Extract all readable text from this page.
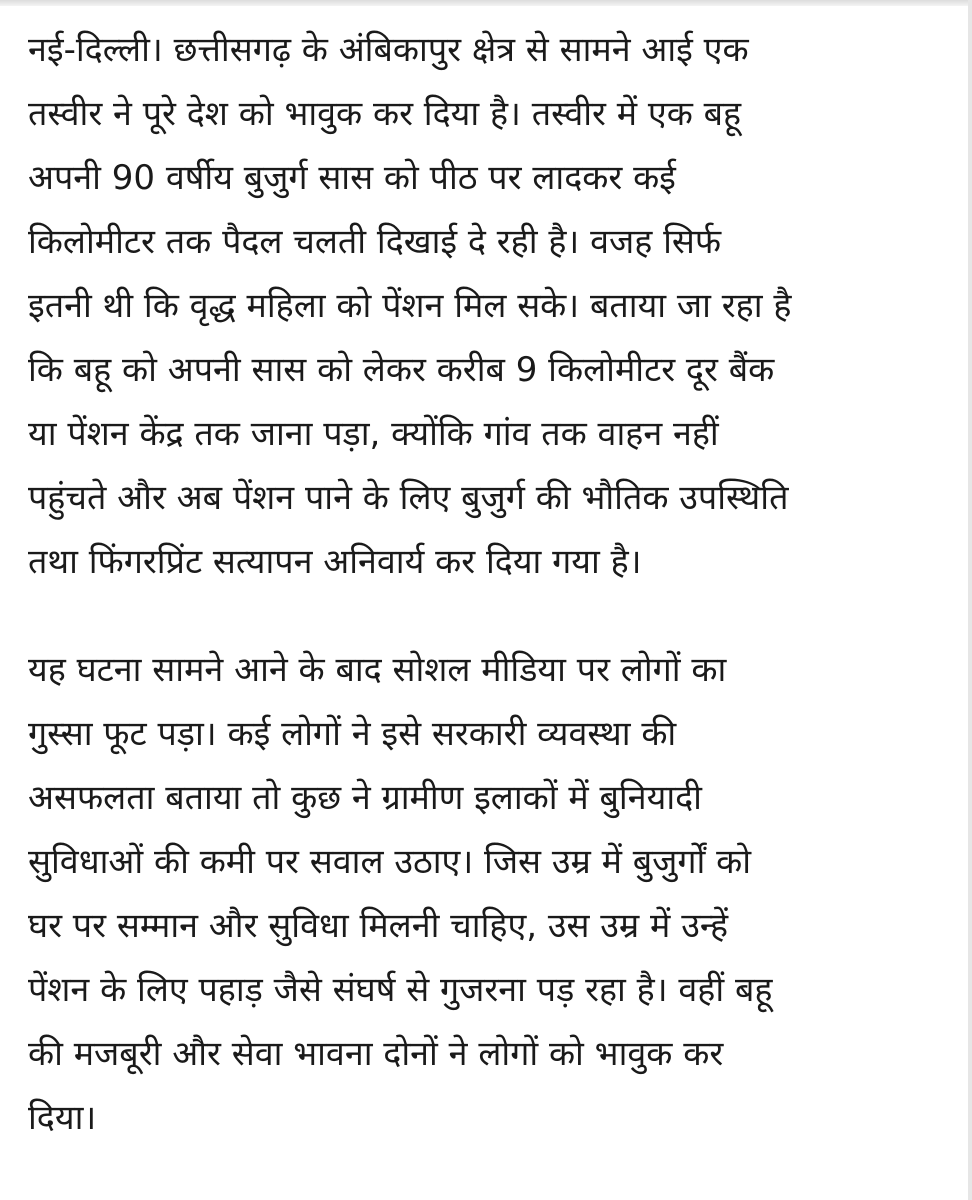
नई-दिल्ली। छत्तीसगढ़ के अंबिकापुर क्षेत्र से सामने आई एक
तस्वीर ने पूरे देश को भावुक कर दिया है। तस्वीर में एक बहू
अपनी 90 वर्षीय बुजुर्ग सास को पीठ पर लादकर कई
किलोमीटर तक पैदल चलती दिखाई दे रही है। वजह सिर्फ
इतनी थी कि वृद्ध महिला को पेंशन मिल सके। बताया जा रहा है
कि बहू को अपनी सास को लेकर करीब 9 किलोमीटर दूर बैंक
या पेंशन केंद्र तक जाना पड़ा, क्योंकि गांव तक वाहन नहीं
पहुंचते और अब पेंशन पाने के लिए बुजुर्ग की भौतिक उपस्थिति
तथा फिंगरप्रिंट सत्यापन अनिवार्य कर दिया गया है।

यह घटना सामने आने के बाद सोशल मीडिया पर लोगों का
गुस्सा फूट पड़ा। कई लोगों ने इसे सरकारी व्यवस्था की
असफलता बताया तो कुछ ने ग्रामीण इलाकों में बुनियादी
सुविधाओं की कमी पर सवाल उठाए। जिस उम्र में बुजुर्गों को
घर पर सम्मान और सुविधा मिलनी चाहिए, उस उम्र में उन्हें
पेंशन के लिए पहाड़ जैसे संघर्ष से गुजरना पड़ रहा है। वहीं बहू
की मजबूरी और सेवा भावना दोनों ने लोगों को भावुक कर
दिया।
